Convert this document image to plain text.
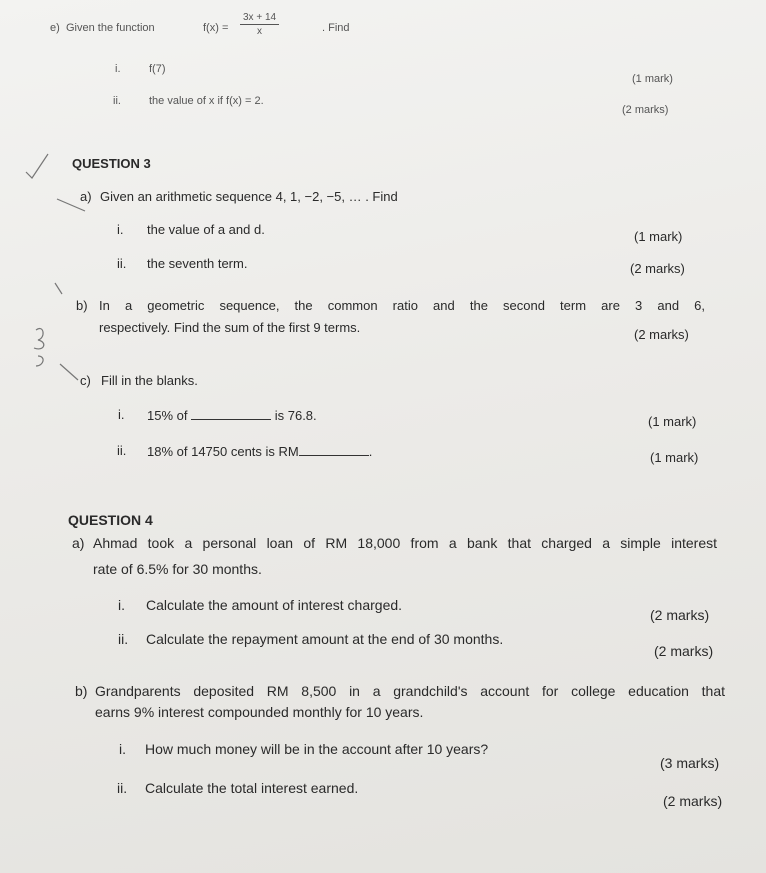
e) Given the function	$f(x) = \frac{3x + 14}{x}$	. Find
i.	f(7)
(1 mark)
ii.	the value of x if f(x) = 2.
(2 marks)
QUESTION 3
a) Given an arithmetic sequence 4, 1, −2, −5, … . Find
i. the value of a and d.	(1 mark)
ii. the seventh term.	(2 marks)
b) In a geometric sequence, the common ratio and the second term are 3 and 6,
respectively. Find the sum of the first 9 terms.	(2 marks)
c) Fill in the blanks.
i. 15% of	is 76.8.	(1 mark)
ii. 18% of 14750 cents is RM	.	(1 mark)
QUESTION 4
a) Ahmad took a personal loan of RM 18,000 from a bank that charged a simple interest
rate of 6.5% for 30 months.
i. Calculate the amount of interest charged.
(2 marks)
ii. Calculate the repayment amount at the end of 30 months.
(2 marks)
b) Grandparents deposited RM 8,500 in a grandchild's account for college education that
earns 9% interest compounded monthly for 10 years.
i. How much money will be in the account after 10 years?
(3 marks)
ii. Calculate the total interest earned.
(2 marks)
